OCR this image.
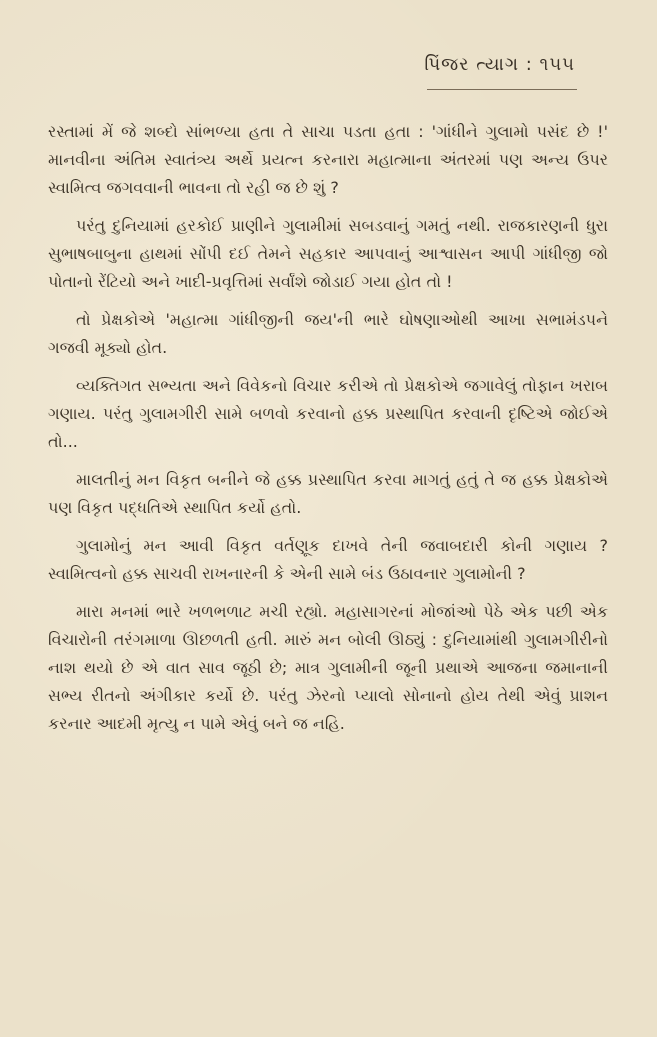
પિંજર ત્યાગ : ૧૫૫

રસ્તામાં મેં જે શબ્દો સાંભળ્યા હતા તે સાચા પડતા હતા : 'ગાંધીને ગુલામો પસંદ છે !' માનવીના અંતિમ સ્વાતંત્ર્ય અર્થે પ્રયત્ન કરનારા મહાત્માના અંતરમાં પણ અન્ય ઉપર સ્વામિત્વ જગવવાની ભાવના તો રહી જ છે શું ?

પરંતુ દુનિયામાં હરકોઈ પ્રાણીને ગુલામીમાં સબડવાનું ગમતું નથી. રાજકારણની ધુરા સુભાષબાબુના હાથમાં સોંપી દઈ તેમને સહકાર આપવાનું આશ્વાસન આપી ગાંધીજી જો પોતાનો રેંટિયો અને ખાદી-પ્રવૃત્તિમાં સર્વાંશે જોડાઈ ગયા હોત તો !

તો પ્રેક્ષકોએ 'મહાત્મા ગાંધીજીની જય'ની ભારે ઘોષણાઓથી આખા સભામંડપને ગજવી મૂક્યો હોત.

વ્યક્તિગત સભ્યતા અને વિવેકનો વિચાર કરીએ તો પ્રેક્ષકોએ જગાવેલું તોફાન ખરાબ ગણાય. પરંતુ ગુલામગીરી સામે બળવો કરવાનો હક્ક પ્રસ્થાપિત કરવાની દૃષ્ટિએ જોઈએ તો...

માલતીનું મન વિકૃત બનીને જે હક્ક પ્રસ્થાપિત કરવા માગતું હતું તે જ હક્ક પ્રેક્ષકોએ પણ વિકૃત પદ્ધતિએ સ્થાપિત કર્યો હતો.

ગુલામોનું મન આવી વિકૃત વર્તણૂક દાખવે તેની જવાબદારી કોની ગણાય ? સ્વામિત્વનો હક્ક સાચવી રાખનારની કે એની સામે બંડ ઉઠાવનાર ગુલામોની ?

મારા મનમાં ભારે ખળભળાટ મચી રહ્યો. મહાસાગરનાં મોજાંઓ પેઠે એક પછી એક વિચારોની તરંગમાળા ઊછળતી હતી. મારું મન બોલી ઊઠ્યું : દુનિયામાંથી ગુલામગીરીનો નાશ થયો છે એ વાત સાવ જૂઠી છે; માત્ર ગુલામીની જૂની પ્રથાએ આજના જમાનાની સભ્ય રીતનો અંગીકાર કર્યો છે. પરંતુ ઝેરનો પ્યાલો સોનાનો હોય તેથી એવું પ્રાશન કરનાર આદમી મૃત્યુ ન પામે એવું બને જ નહિ.
